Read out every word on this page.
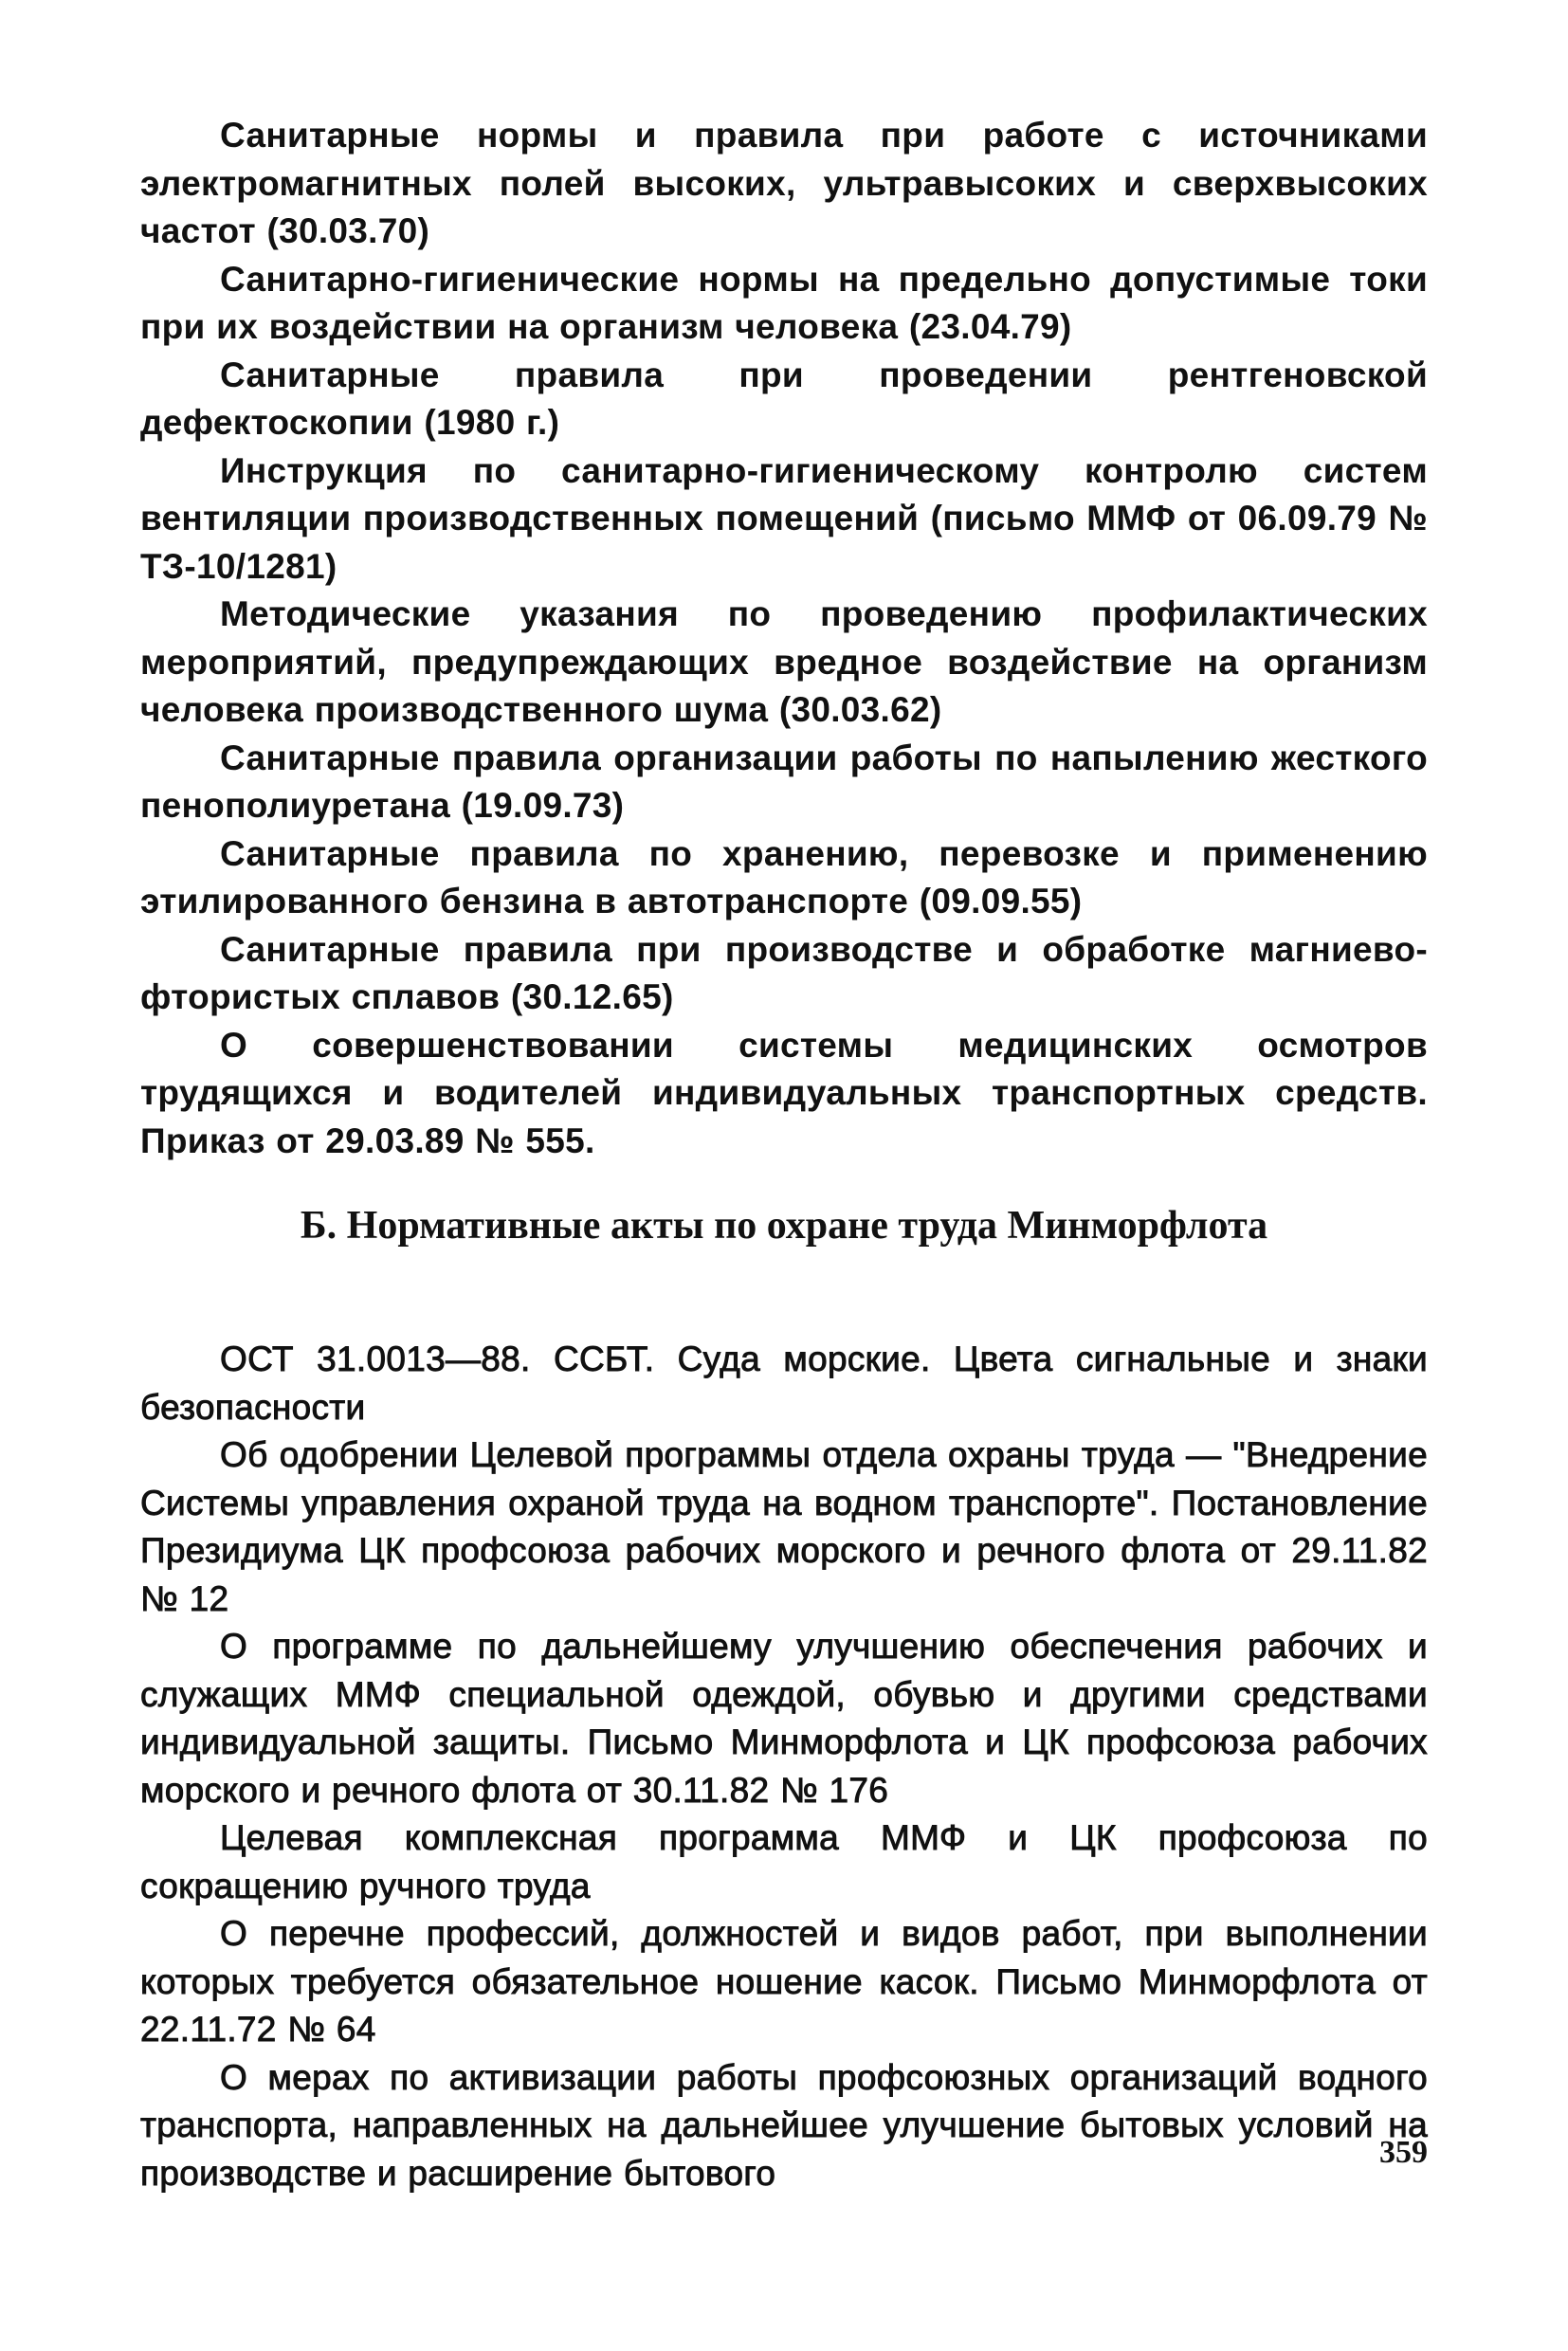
Санитарные нормы и правила при работе с источниками электромагнитных полей высоких, ультравысоких и сверхвысоких частот (30.03.70)

Санитарно-гигиенические нормы на предельно допустимые токи при их воздействии на организм человека (23.04.79)

Санитарные правила при проведении рентгеновской дефектоскопии (1980 г.)

Инструкция по санитарно-гигиеническому контролю систем вентиляции производственных помещений (письмо ММФ от 06.09.79 № ТЗ-10/1281)

Методические указания по проведению профилактических мероприятий, предупреждающих вредное воздействие на организм человека производственного шума (30.03.62)

Санитарные правила организации работы по напылению жесткого пенополиуретана (19.09.73)

Санитарные правила по хранению, перевозке и применению этилированного бензина в автотранспорте (09.09.55)

Санитарные правила при производстве и обработке магниево-фтористых сплавов (30.12.65)

О совершенствовании системы медицинских осмотров трудящихся и водителей индивидуальных транспортных средств. Приказ от 29.03.89 № 555.

Б. Нормативные акты по охране труда Минморфлота

ОСТ 31.0013—88. ССБТ. Суда морские. Цвета сигнальные и знаки безопасности

Об одобрении Целевой программы отдела охраны труда — "Внедрение Системы управления охраной труда на водном транспорте". Постановление Президиума ЦК профсоюза рабочих морского и речного флота от 29.11.82 № 12

О программе по дальнейшему улучшению обеспечения рабочих и служащих ММФ специальной одеждой, обувью и другими средствами индивидуальной защиты. Письмо Минморфлота и ЦК профсоюза рабочих морского и речного флота от 30.11.82 № 176

Целевая комплексная программа ММФ и ЦК профсоюза по сокращению ручного труда

О перечне профессий, должностей и видов работ, при выполнении которых требуется обязательное ношение касок. Письмо Минморфлота от 22.11.72 № 64

О мерах по активизации работы профсоюзных организаций водного транспорта, направленных на дальнейшее улучшение бытовых условий на производстве и расширение бытового

359
